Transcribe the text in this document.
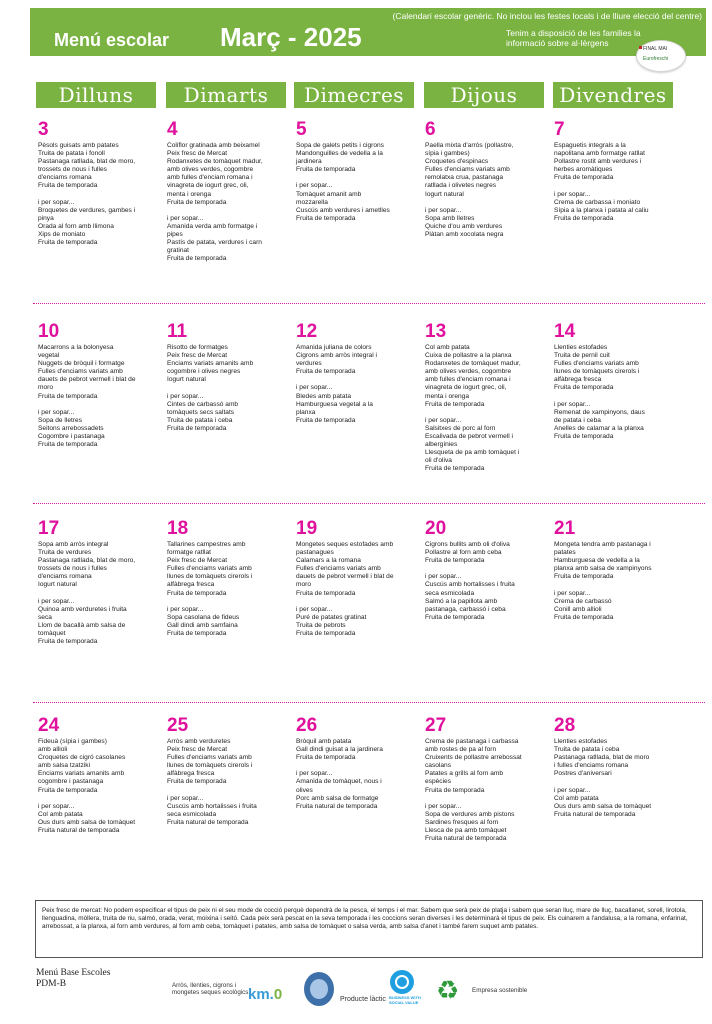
(Calendari escolar genèric. No inclou les festes locals i de lliure elecció del centre)
Menú escolar Març - 2025	Tenim a disposició de les families la informació sobre al·lèrgens
FINAL MAI
Eurofreschi
Dilluns	Dimarts	Dimecres	Dijous	Divendres
3
Pèsols guisats amb patates
Truita de patata i fonoll
Pastanaga ratllada, blat de moro,
trossets de nous i fulles
d'enciams romana
Fruita de temporada

i per sopar...
Broquetes de verdures, gambes i
pinya
Orada al forn amb llimona
Xips de moniato
Fruita de temporada
4
Coliflor gratinada amb beixamel
Peix fresc de Mercat
Rodanxetes de tomàquet madur,
amb olives verdes, cogombre
amb fulles d'enciam romana i
vinagreta de iogurt grec, oli,
menta i orenga
Fruita de temporada

i per sopar...
Amanida verda amb formatge i
pipes
Pastís de patata, verdures i carn
gratinat
Fruita de temporada
5
Sopa de galets petits i cigrons
Mandonguilles de vedella a la
jardinera
Fruita de temporada

i per sopar...
Tomàquet amanit amb
mozzarella
Cuscús amb verdures i ametlles
Fruita de temporada
6
Paella mixta d'arròs (pollastre,
sípia i gambes)
Croquetes d'espinacs
Fulles d'enciams variats amb
remolatxa crua, pastanaga
ratllada i olivetes negres
Iogurt natural

i per sopar...
Sopa amb lletres
Quiche d'ou amb verdures
Plàtan amb xocolata negra
7
Espaguetis integrals a la
napolitana amb formatge ratllat
Pollastre rostit amb verdures i
herbes aromàtiques
Fruita de temporada

i per sopar...
Crema de carbassa i moniato
Sípia a la planxa i patata al caliu
Fruita de temporada
10
Macarrons a la bolonyesa
vegetal
Nuggets de bròquil i formatge
Fulles d'enciams variats amb
dauets de pebrot vermell i blat de
moro
Fruita de temporada

i per sopar...
Sopa de lletres
Seitons arrebossadets
Cogombre i pastanaga
Fruita de temporada
11
Risotto de formatges
Peix fresc de Mercat
Enciams variats amanits amb
cogombre i olives negres
Iogurt natural

i per sopar...
Cintes de carbassó amb
tomàquets secs saltats
Truita de patata i ceba
Fruita de temporada
12
Amanida juliana de colors
Cigrons amb arròs integral i
verdures
Fruita de temporada

i per sopar...
Bledes amb patata
Hamburguesa vegetal a la
planxa
Fruita de temporada
13
Col amb patata
Cuixa de pollastre a la planxa
Rodanxetes de tomàquet madur,
amb olives verdes, cogombre
amb fulles d'enciam romana i
vinagreta de iogurt grec, oli,
menta i orenga
Fruita de temporada

i per sopar...
Salsitxes de porc al forn
Escalivada de pebrot vermell i
albergínies
Llesqueta de pa amb tomàquet i
oli d'oliva
Fruita de temporada
14
Llenties estofades
Truita de pernil cuit
Fulles d'enciams variats amb
llunes de tomàquets cirerols i
alfàbrega fresca
Fruita de temporada

i per sopar...
Remenat de xampinyons, daus
de patata i ceba
Anelles de calamar a la planxa
Fruita de temporada
17
Sopa amb arròs integral
Truita de verdures
Pastanaga ratllada, blat de moro,
trossets de nous i fulles
d'enciams romana
Iogurt natural

i per sopar...
Quinoa amb verduretes i fruita
seca
Llom de bacallà amb salsa de
tomàquet
Fruita de temporada
18
Tallarines campestres amb
formatge ratllat
Peix fresc de Mercat
Fulles d'enciams variats amb
llunes de tomàquets cirerols i
alfàbrega fresca
Fruita de temporada

i per sopar...
Sopa casolana de fideus
Gall dindi amb samfaina
Fruita de temporada
19
Mongetes seques estofades amb
pastanagues
Calamars a la romana
Fulles d'enciams variats amb
dauets de pebrot vermell i blat de
moro
Fruita de temporada

i per sopar...
Puré de patates gratinat
Truita de pebrots
Fruita de temporada
20
Cigrons bullits amb oli d'oliva
Pollastre al forn amb ceba
Fruita de temporada

i per sopar...
Cuscús amb hortalisses i fruita
seca esmicolada
Salmó a la papillota amb
pastanaga, carbassó i ceba
Fruita de temporada
21
Mongeta tendra amb pastanaga i
patates
Hamburguesa de vedella a la
planxa amb salsa de xampinyons
Fruita de temporada

i per sopar...
Crema de carbassó
Conill amb allioli
Fruita de temporada
24
Fideuà (sípia i gambes)
amb allioli
Croquetes de cigró casolanes
amb salsa tzatziki
Enciams variats amanits amb
cogombre i pastanaga
Fruita de temporada

i per sopar...
Col amb patata
Ous durs amb salsa de tomàquet
Fruita natural de temporada
25
Arròs amb verduretes
Peix fresc de Mercat
Fulles d'enciams variats amb
llunes de tomàquets cirerols i
alfàbrega fresca
Fruita de temporada

i per sopar...
Cuscús amb hortalisses i fruita
seca esmicolada
Fruita natural de temporada
26
Bròquil amb patata
Gall dindi guisat a la jardinera
Fruita de temporada

i per sopar...
Amanida de tomàquet, nous i
olives
Porc amb salsa de formatge
Fruita natural de temporada
27
Crema de pastanaga i carbassa
amb rostes de pa al forn
Cruixents de pollastre arrebossat
casolans
Patates a grills al forn amb
espècies
Fruita de temporada

i per sopar...
Sopa de verdures amb pistons
Sardines fresques al forn
Llesca de pa amb tomàquet
Fruita natural de temporada
28
Llenties estofades
Truita de patata i ceba
Pastanaga ratllada, blat de moro
i fulles d'enciams romana
Postres d'aniversari

i per sopar...
Col amb patata
Ous durs amb salsa de tomàquet
Fruita natural de temporada
Peix fresc de mercat: No podem especificar el tipus de peix ni el seu mode de cocció perquè dependrà de la pesca, el temps i el mar. Sabem que serà peix de platja i sabem que seran lluç, mare de lluç, bacallanet, sorell, lirotola, llenguadina, mòllera, truita de riu, salmó, orada, verat, moixina i seitó. Cada peix serà pescat en la seva temporada i les coccions seran diverses i les determinarà el tipus de peix. Els cuinarem a l'andalusa, a la romana, enfarinat, arrebossat, a la planxa, al forn amb verdures, al forn amb ceba, tomàquet i patates, amb salsa de tomàquet o salsa verda, amb salsa d'anet i també farem suquet amb patates.
Menú Base Escoles
PDM-B	Arròs, llenties, cigrons i mongetes seques ecològics.
km.0	Producte làctic BUSINESS WITH SOCIAL VALUE ♻ Empresa sostenible
